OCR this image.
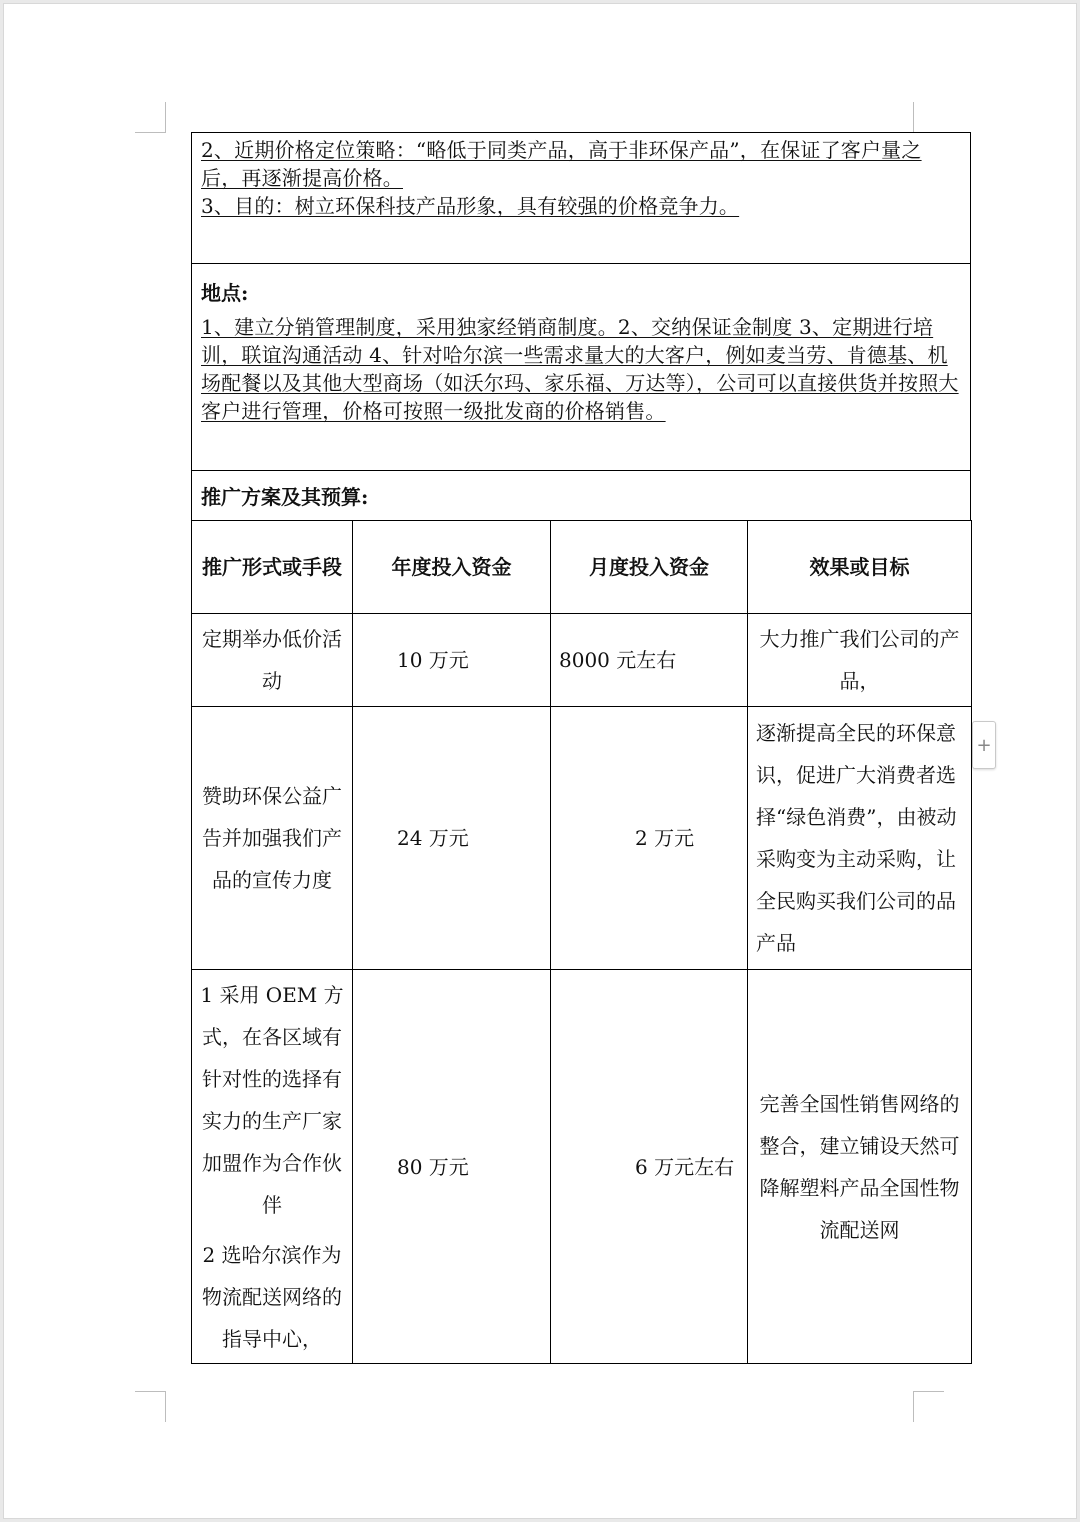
2、近期价格定位策略：“略低于同类产品，高于非环保产品”，在保证了客户量之后，再逐渐提高价格。

3、目的：树立环保科技产品形象，具有较强的价格竞争力。

地点:

1、建立分销管理制度，采用独家经销商制度。2、交纳保证金制度 3、定期进行培训，联谊沟通活动 4、针对哈尔滨一些需求量大的大客户，例如麦当劳、肯德基、机场配餐以及其他大型商场（如沃尔玛、家乐福、万达等），公司可以直接供货并按照大客户进行管理，价格可按照一级批发商的价格销售。

推广方案及其预算:
推广形式或手段	年度投入资金	月度投入资金	效果或目标
定期举办低价活动	10 万元	8000 元左右	大力推广我们公司的产品，
赞助环保公益广告并加强我们产品的宣传力度	24 万元	2 万元	逐渐提高全民的环保意识，促进广大消费者选择“绿色消费”，由被动采购变为主动采购，让全民购买我们公司的品产品
1 采用 OEM 方式，在各区域有针对性的选择有实力的生产厂家加盟作为合作伙伴
2 选哈尔滨作为物流配送网络的指导中心，	80 万元	6 万元左右	完善全国性销售网络的整合，建立铺设天然可降解塑料产品全国性物流配送网
+
